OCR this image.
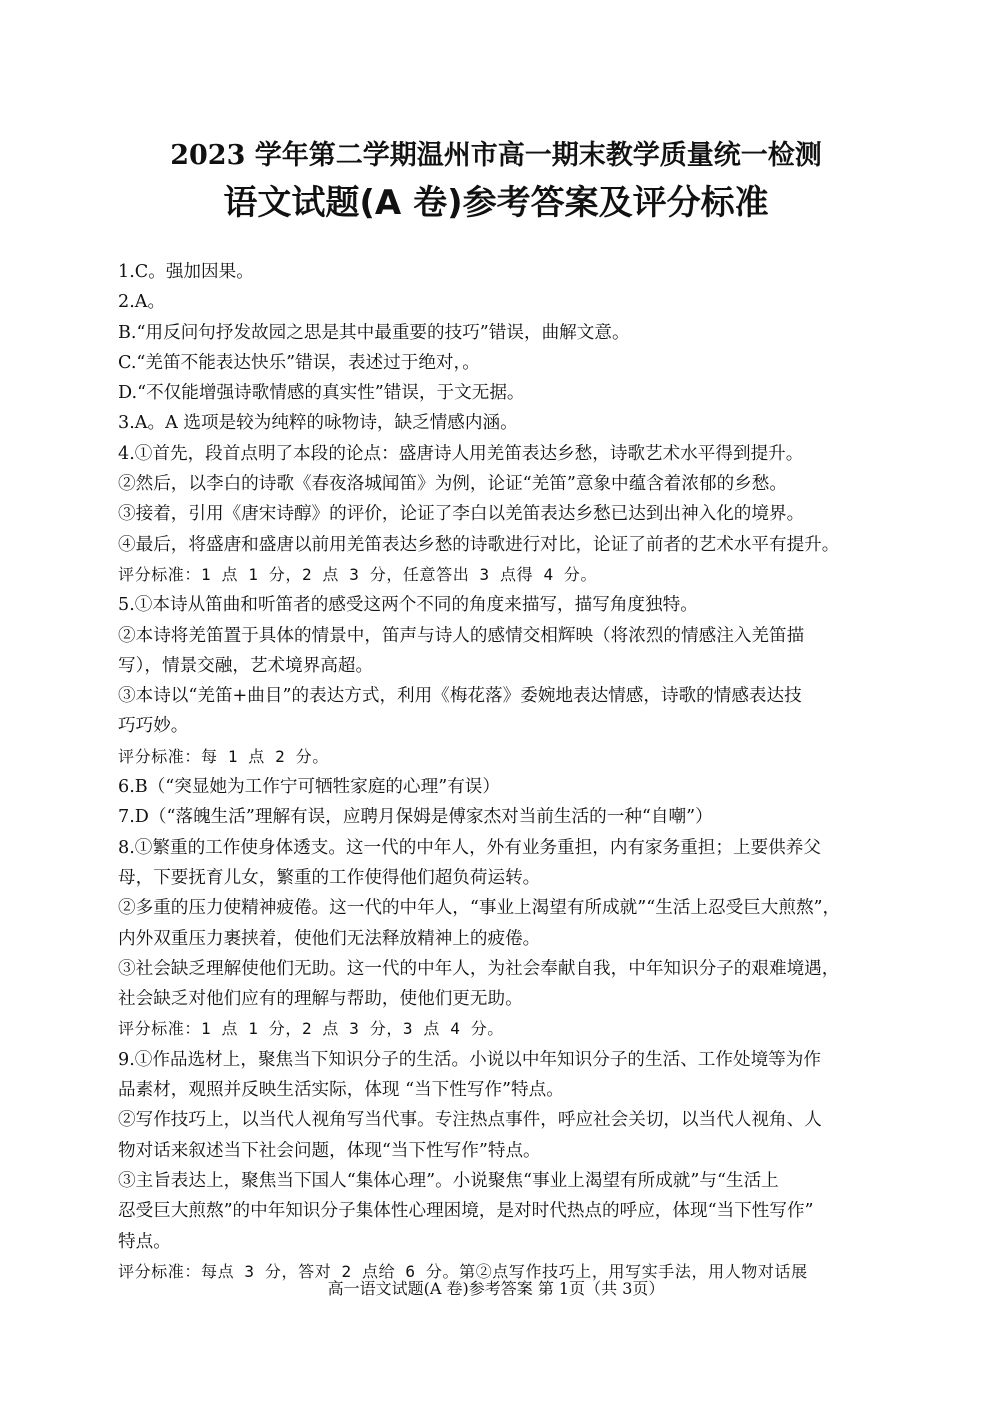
2023 学年第二学期温州市高一期末教学质量统一检测
语文试题(A 卷)参考答案及评分标准
1.C。强加因果。
2.A。
B.“用反问句抒发故园之思是其中最重要的技巧”错误，曲解文意。
C.“羌笛不能表达快乐”错误，表述过于绝对，。
D.“不仅能增强诗歌情感的真实性”错误，于文无据。
3.A。A 选项是较为纯粹的咏物诗，缺乏情感内涵。
4.①首先，段首点明了本段的论点：盛唐诗人用羌笛表达乡愁，诗歌艺术水平得到提升。
②然后，以李白的诗歌《春夜洛城闻笛》为例，论证“羌笛”意象中蕴含着浓郁的乡愁。
③接着，引用《唐宋诗醇》的评价，论证了李白以羌笛表达乡愁已达到出神入化的境界。
④最后，将盛唐和盛唐以前用羌笛表达乡愁的诗歌进行对比，论证了前者的艺术水平有提升。
评分标准：1 点 1 分，2 点 3 分，任意答出 3 点得 4 分。
5.①本诗从笛曲和听笛者的感受这两个不同的角度来描写，描写角度独特。
②本诗将羌笛置于具体的情景中，笛声与诗人的感情交相辉映（将浓烈的情感注入羌笛描
写），情景交融，艺术境界高超。
③本诗以“羌笛+曲目”的表达方式，利用《梅花落》委婉地表达情感，诗歌的情感表达技
巧巧妙。
评分标准：每 1 点 2 分。
6.B（“突显她为工作宁可牺牲家庭的心理”有误）
7.D（“落魄生活”理解有误，应聘月保姆是傅家杰对当前生活的一种“自嘲”）
8.①繁重的工作使身体透支。这一代的中年人，外有业务重担，内有家务重担；上要供养父
母，下要抚育儿女，繁重的工作使得他们超负荷运转。
②多重的压力使精神疲倦。这一代的中年人，“事业上渴望有所成就”“生活上忍受巨大煎熬”，
内外双重压力裹挟着，使他们无法释放精神上的疲倦。
③社会缺乏理解使他们无助。这一代的中年人，为社会奉献自我，中年知识分子的艰难境遇，
社会缺乏对他们应有的理解与帮助，使他们更无助。
评分标准：1 点 1 分，2 点 3 分，3 点 4 分。
9.①作品选材上，聚焦当下知识分子的生活。小说以中年知识分子的生活、工作处境等为作
品素材，观照并反映生活实际，体现 “当下性写作”特点。
②写作技巧上，以当代人视角写当代事。专注热点事件，呼应社会关切，以当代人视角、人
物对话来叙述当下社会问题，体现“当下性写作”特点。
③主旨表达上，聚焦当下国人“集体心理”。小说聚焦“事业上渴望有所成就”与“生活上
忍受巨大煎熬”的中年知识分子集体性心理困境，是对时代热点的呼应，体现“当下性写作”
特点。
评分标准：每点 3 分，答对 2 点给 6 分。第②点写作技巧上，用写实手法，用人物对话展
高一语文试题(A 卷)参考答案 第 1页（共 3页）
